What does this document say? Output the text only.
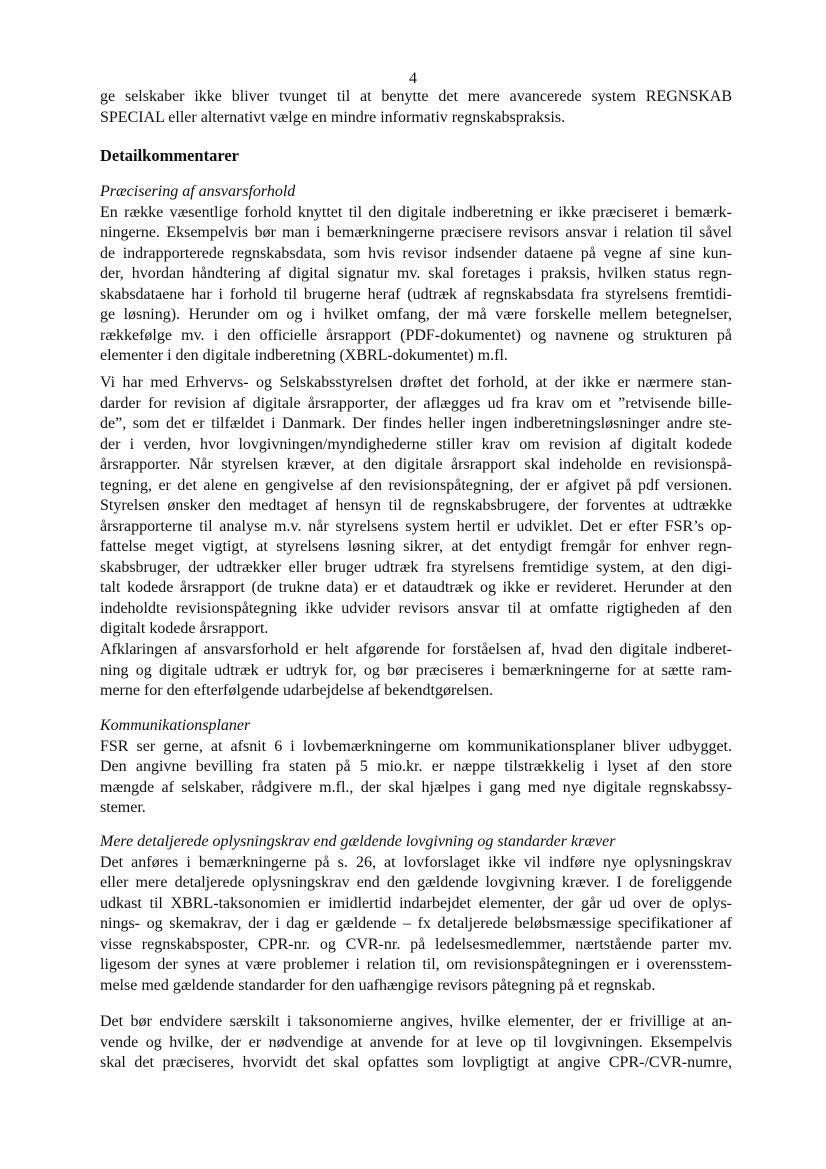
4
ge selskaber ikke bliver tvunget til at benytte det mere avancerede system REGNSKAB
SPECIAL eller alternativt vælge en mindre informativ regnskabspraksis.
Detailkommentarer
Præcisering af ansvarsforhold
En række væsentlige forhold knyttet til den digitale indberetning er ikke præciseret i bemærk-
ningerne. Eksempelvis bør man i bemærkningerne præcisere revisors ansvar i relation til såvel
de indrapporterede regnskabsdata, som hvis revisor indsender dataene på vegne af sine kun-
der, hvordan håndtering af digital signatur mv. skal foretages i praksis, hvilken status regn-
skabsdataene har i forhold til brugerne heraf (udtræk af regnskabsdata fra styrelsens fremtidi-
ge løsning). Herunder om og i hvilket omfang, der må være forskelle mellem betegnelser,
rækkefølge mv. i den officielle årsrapport (PDF-dokumentet) og navnene og strukturen på
elementer i den digitale indberetning (XBRL-dokumentet) m.fl.
Vi har med Erhvervs- og Selskabsstyrelsen drøftet det forhold, at der ikke er nærmere stan-
darder for revision af digitale årsrapporter, der aflægges ud fra krav om et ”retvisende bille-
de”, som det er tilfældet i Danmark. Der findes heller ingen indberetningsløsninger andre ste-
der i verden, hvor lovgivningen/myndighederne stiller krav om revision af digitalt kodede
årsrapporter. Når styrelsen kræver, at den digitale årsrapport skal indeholde en revisionspå-
tegning, er det alene en gengivelse af den revisionspåtegning, der er afgivet på pdf versionen.
Styrelsen ønsker den medtaget af hensyn til de regnskabsbrugere, der forventes at udtrække
årsrapporterne til analyse m.v. når styrelsens system hertil er udviklet. Det er efter FSR’s op-
fattelse meget vigtigt, at styrelsens løsning sikrer, at det entydigt fremgår for enhver regn-
skabsbruger, der udtrækker eller bruger udtræk fra styrelsens fremtidige system, at den digi-
talt kodede årsrapport (de trukne data) er et dataudtræk og ikke er revideret. Herunder at den
indeholdte revisionspåtegning ikke udvider revisors ansvar til at omfatte rigtigheden af den
digitalt kodede årsrapport.
Afklaringen af ansvarsforhold er helt afgørende for forståelsen af, hvad den digitale indberet-
ning og digitale udtræk er udtryk for, og bør præciseres i bemærkningerne for at sætte ram-
merne for den efterfølgende udarbejdelse af bekendtgørelsen.
Kommunikationsplaner
FSR ser gerne, at afsnit 6 i lovbemærkningerne om kommunikationsplaner bliver udbygget.
Den angivne bevilling fra staten på 5 mio.kr. er næppe tilstrækkelig i lyset af den store
mængde af selskaber, rådgivere m.fl., der skal hjælpes i gang med nye digitale regnskabssy-
stemer.
Mere detaljerede oplysningskrav end gældende lovgivning og standarder kræver
Det anføres i bemærkningerne på s. 26, at lovforslaget ikke vil indføre nye oplysningskrav
eller mere detaljerede oplysningskrav end den gældende lovgivning kræver. I de foreliggende
udkast til XBRL-taksonomien er imidlertid indarbejdet elementer, der går ud over de oplys-
nings- og skemakrav, der i dag er gældende – fx detaljerede beløbsmæssige specifikationer af
visse regnskabsposter, CPR-nr. og CVR-nr. på ledelsesmedlemmer, nærtstående parter mv.
ligesom der synes at være problemer i relation til, om revisionspåtegningen er i overensstem-
melse med gældende standarder for den uafhængige revisors påtegning på et regnskab.
Det bør endvidere særskilt i taksonomierne angives, hvilke elementer, der er frivillige at an-
vende og hvilke, der er nødvendige at anvende for at leve op til lovgivningen. Eksempelvis
skal det præciseres, hvorvidt det skal opfattes som lovpligtigt at angive CPR-/CVR-numre,
